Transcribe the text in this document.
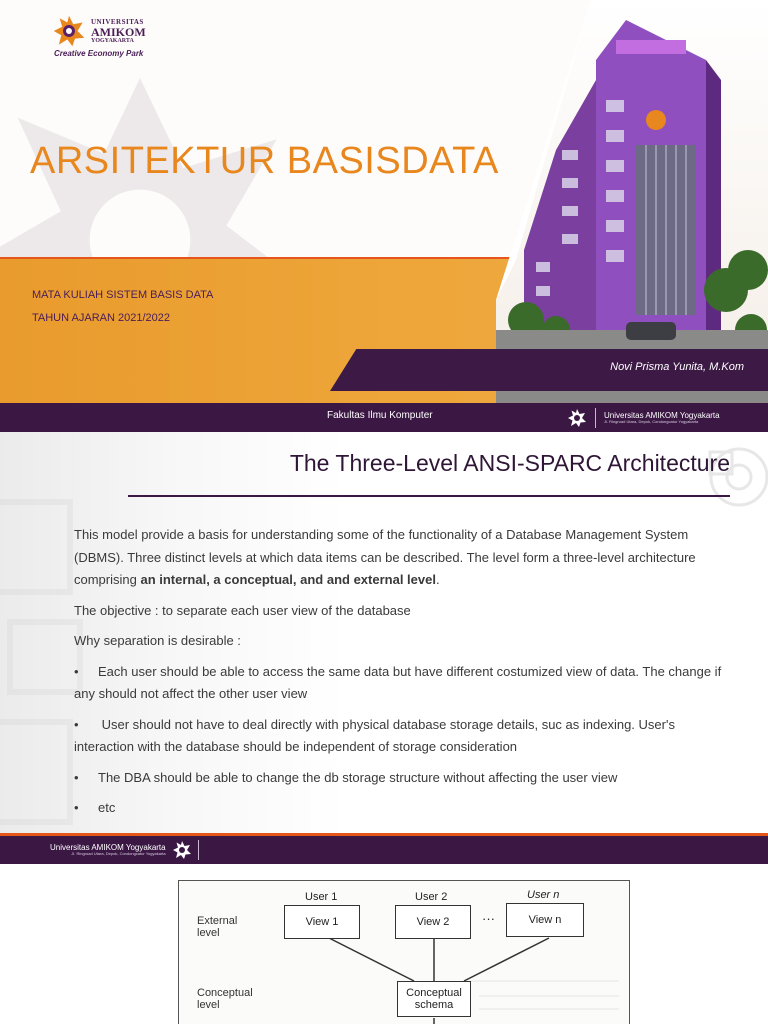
UNIVERSITAS
AMIKOM
YOGYAKARTA
Creative Economy Park
ARSITEKTUR BASISDATA
MATA KULIAH SISTEM BASIS DATA
TAHUN AJARAN 2021/2022
Novi Prisma Yunita, M.Kom
Fakultas Ilmu Komputer	Universitas AMIKOM Yogyakarta
Jl. Ringroad Utara, Depok, Condongcatur Yogyakarta
The Three-Level ANSI-SPARC Architecture

This model provide a basis for understanding some of the functionality of a Database Management System (DBMS). Three distinct levels at which data items can be described. The level form a three-level architecture comprising an internal, a conceptual, and and external level.

The objective : to separate each user view of the database

Why separation is desirable :

• Each user should be able to access the same data but have different costumized view of data. The change if any should not affect the other user view

• User should not have to deal directly with physical database storage details, suc as indexing. User's interaction with the database should be independent of storage consideration

• The DBA should be able to change the db storage structure without affecting the user view

• etc

Universitas AMIKOM Yogyakarta
Jl. Ringroad Utara, Depok, Condongcatur Yogyakarta
External level
Conceptual level
User 1	User 2	User n
View 1	View 2	···	View n
Conceptual schema
